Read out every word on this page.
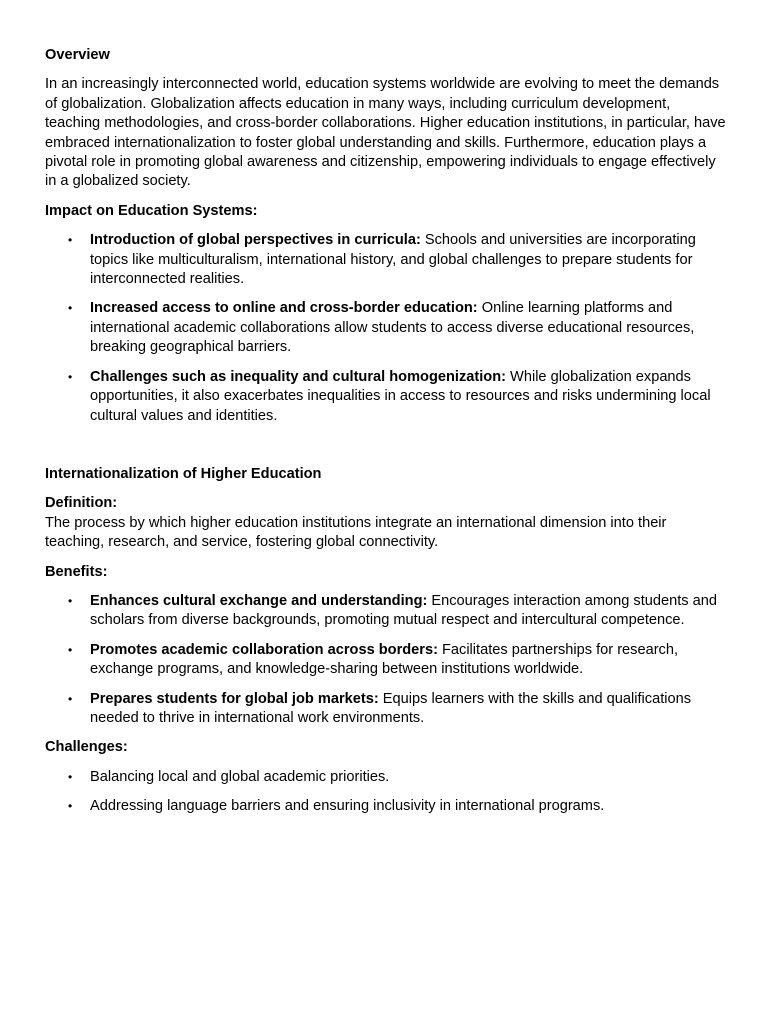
Overview

In an increasingly interconnected world, education systems worldwide are evolving to meet the demands of globalization. Globalization affects education in many ways, including curriculum development, teaching methodologies, and cross-border collaborations. Higher education institutions, in particular, have embraced internationalization to foster global understanding and skills. Furthermore, education plays a pivotal role in promoting global awareness and citizenship, empowering individuals to engage effectively in a globalized society.

Impact on Education Systems:

• Introduction of global perspectives in curricula: Schools and universities are incorporating topics like multiculturalism, international history, and global challenges to prepare students for interconnected realities.
• Increased access to online and cross-border education: Online learning platforms and international academic collaborations allow students to access diverse educational resources, breaking geographical barriers.
• Challenges such as inequality and cultural homogenization: While globalization expands opportunities, it also exacerbates inequalities in access to resources and risks undermining local cultural values and identities.

Internationalization of Higher Education

Definition:

The process by which higher education institutions integrate an international dimension into their teaching, research, and service, fostering global connectivity.

Benefits:

• Enhances cultural exchange and understanding: Encourages interaction among students and scholars from diverse backgrounds, promoting mutual respect and intercultural competence.
• Promotes academic collaboration across borders: Facilitates partnerships for research, exchange programs, and knowledge-sharing between institutions worldwide.
• Prepares students for global job markets: Equips learners with the skills and qualifications needed to thrive in international work environments.

Challenges:

• Balancing local and global academic priorities.
• Addressing language barriers and ensuring inclusivity in international programs.
